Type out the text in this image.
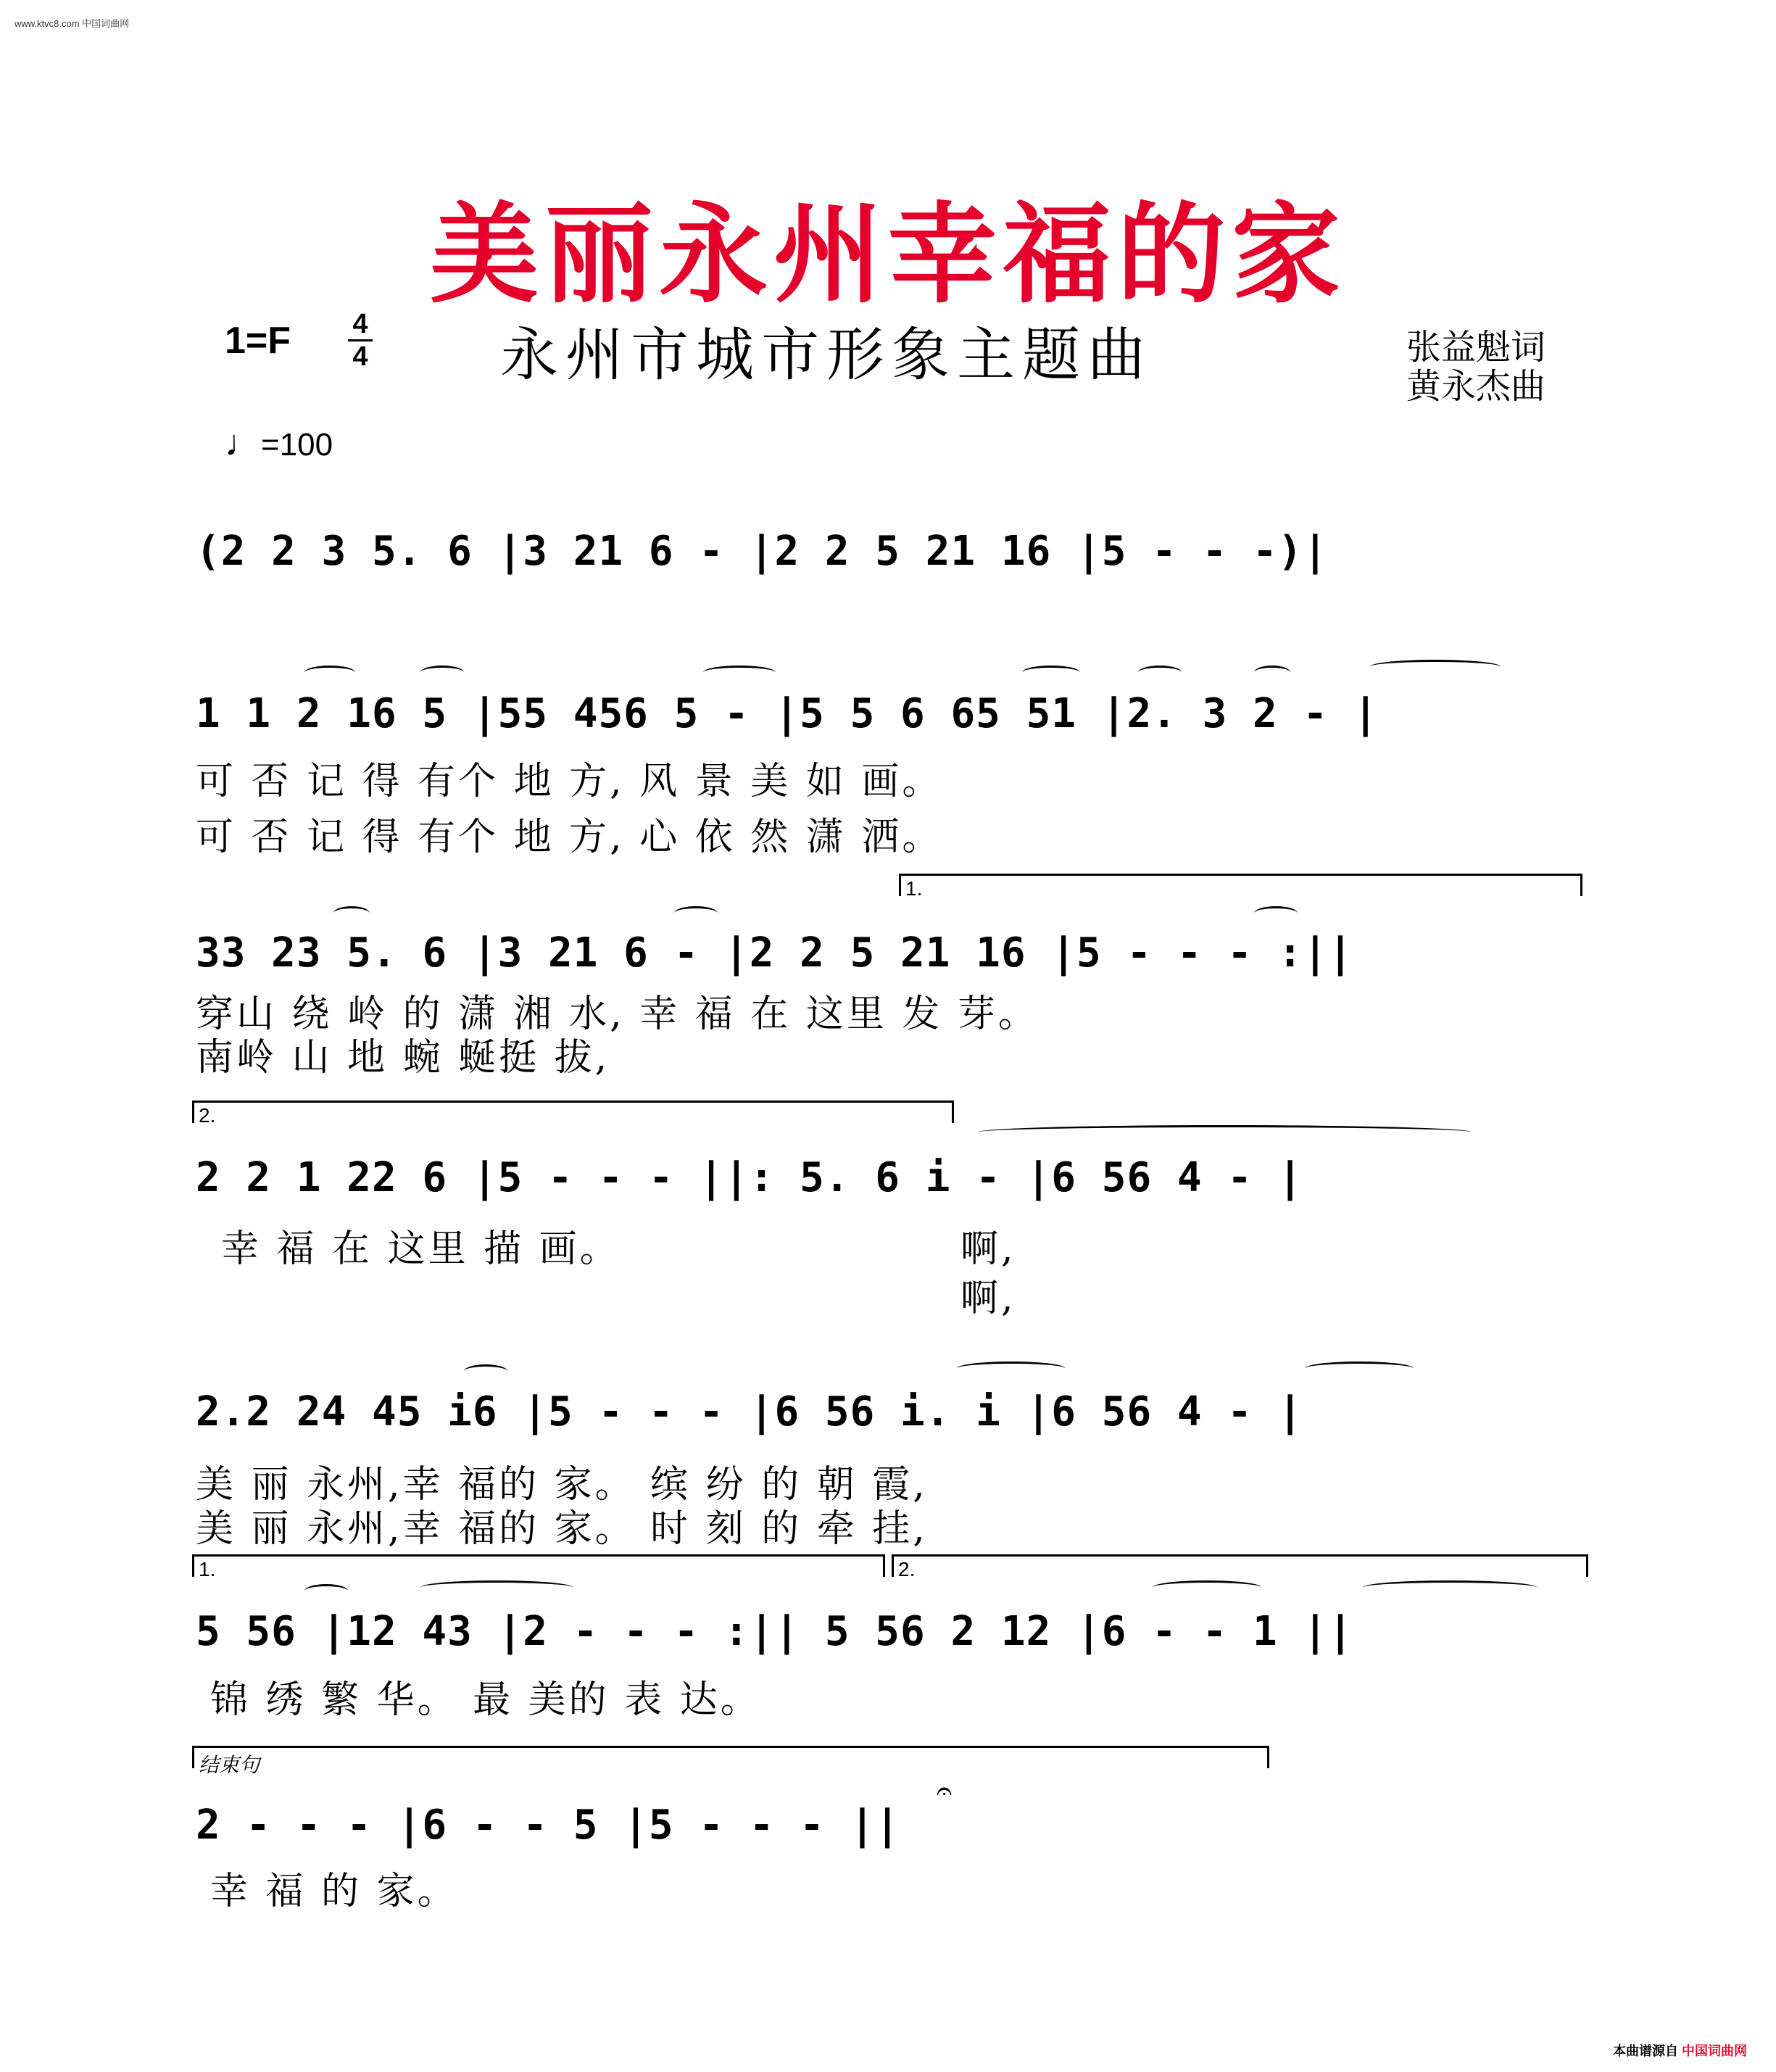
www.ktvc8.com 中国词曲网
美丽永州幸福的家
1=F 4
4 永州市城市形象主题曲	张益魁词
黄永杰曲
♩=100
(2 2 3 5. 6 |3 21 6 - |2 2 5 21 16 |5 - - -)|
1 1 2 16 5 |55 456 5 - |5 5 6 65 51 |2. 3 2 - |
可 否 记 得 有个 地 方, 风 景 美 如 画。
可 否 记 得 有个 地 方, 心 依 然 潇 洒。
1.
33 23 5. 6 |3 21 6 - |2 2 5 21 16 |5 - - - :||
穿山 绕 岭 的 潇 湘 水, 幸 福 在 这里 发 芽。
南岭 山 地 蜿 蜒挺 拔,
2.
2 2 1 22 6 |5 - - - ||: 5. 6 i - |6 56 4 - |
幸 福 在 这里 描 画。	啊,
啊,
2.2 24 45 i6 |5 - - - |6 56 i. i |6 56 4 - |
美 丽 永州,幸 福的 家。 缤 纷 的 朝 霞,
美 丽 永州,幸 福的 家。 时 刻 的 牵 挂,
1.	2.
5 56 |12 43 |2 - - - :|| 5 56 2 12 |6 - - 1 ||
锦 绣 繁 华。 最 美的 表 达。
结束句
𝄐
2 - - - |6 - - 5 |5 - - - ||
幸 福 的 家。
本曲谱源自 中国词曲网
